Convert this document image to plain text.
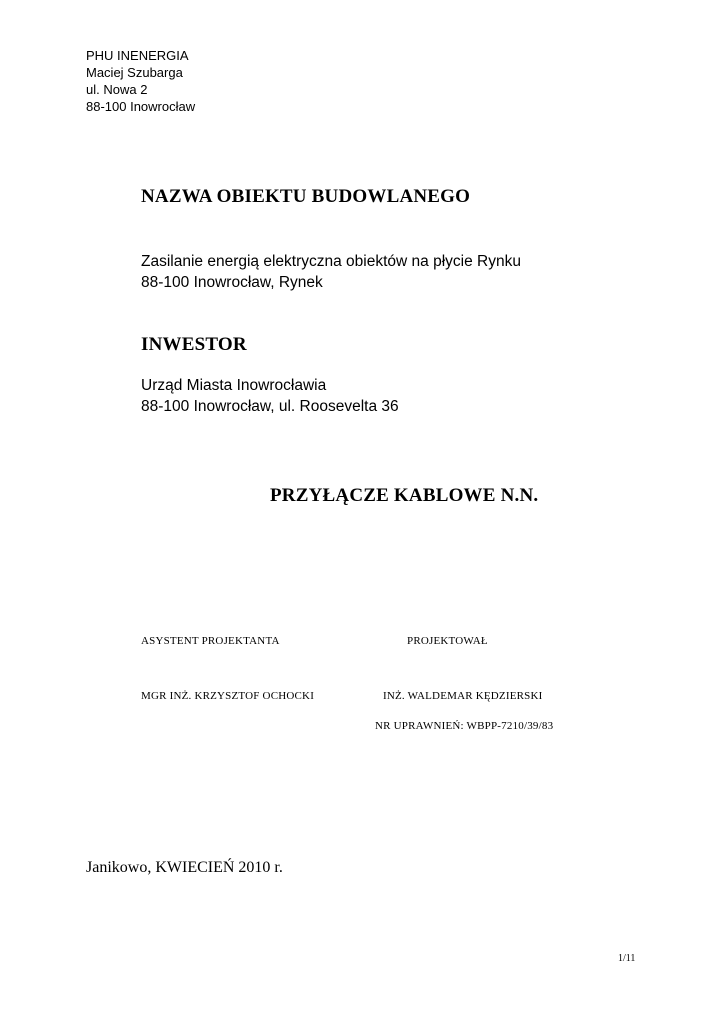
PHU INENERGIA
Maciej Szubarga
ul. Nowa 2
88-100 Inowrocław
NAZWA OBIEKTU BUDOWLANEGO
Zasilanie energią elektryczna obiektów na płycie Rynku
88-100 Inowrocław, Rynek
INWESTOR
Urząd Miasta Inowrocławia
88-100 Inowrocław, ul. Roosevelta 36
PRZYŁĄCZE KABLOWE N.N.
ASYSTENT PROJEKTANTA	PROJEKTOWAŁ
MGR INŻ. KRZYSZTOF OCHOCKI	INŻ. WALDEMAR KĘDZIERSKI
NR UPRAWNIEŃ: WBPP-7210/39/83
Janikowo, KWIECIEŃ 2010 r.
1/11
